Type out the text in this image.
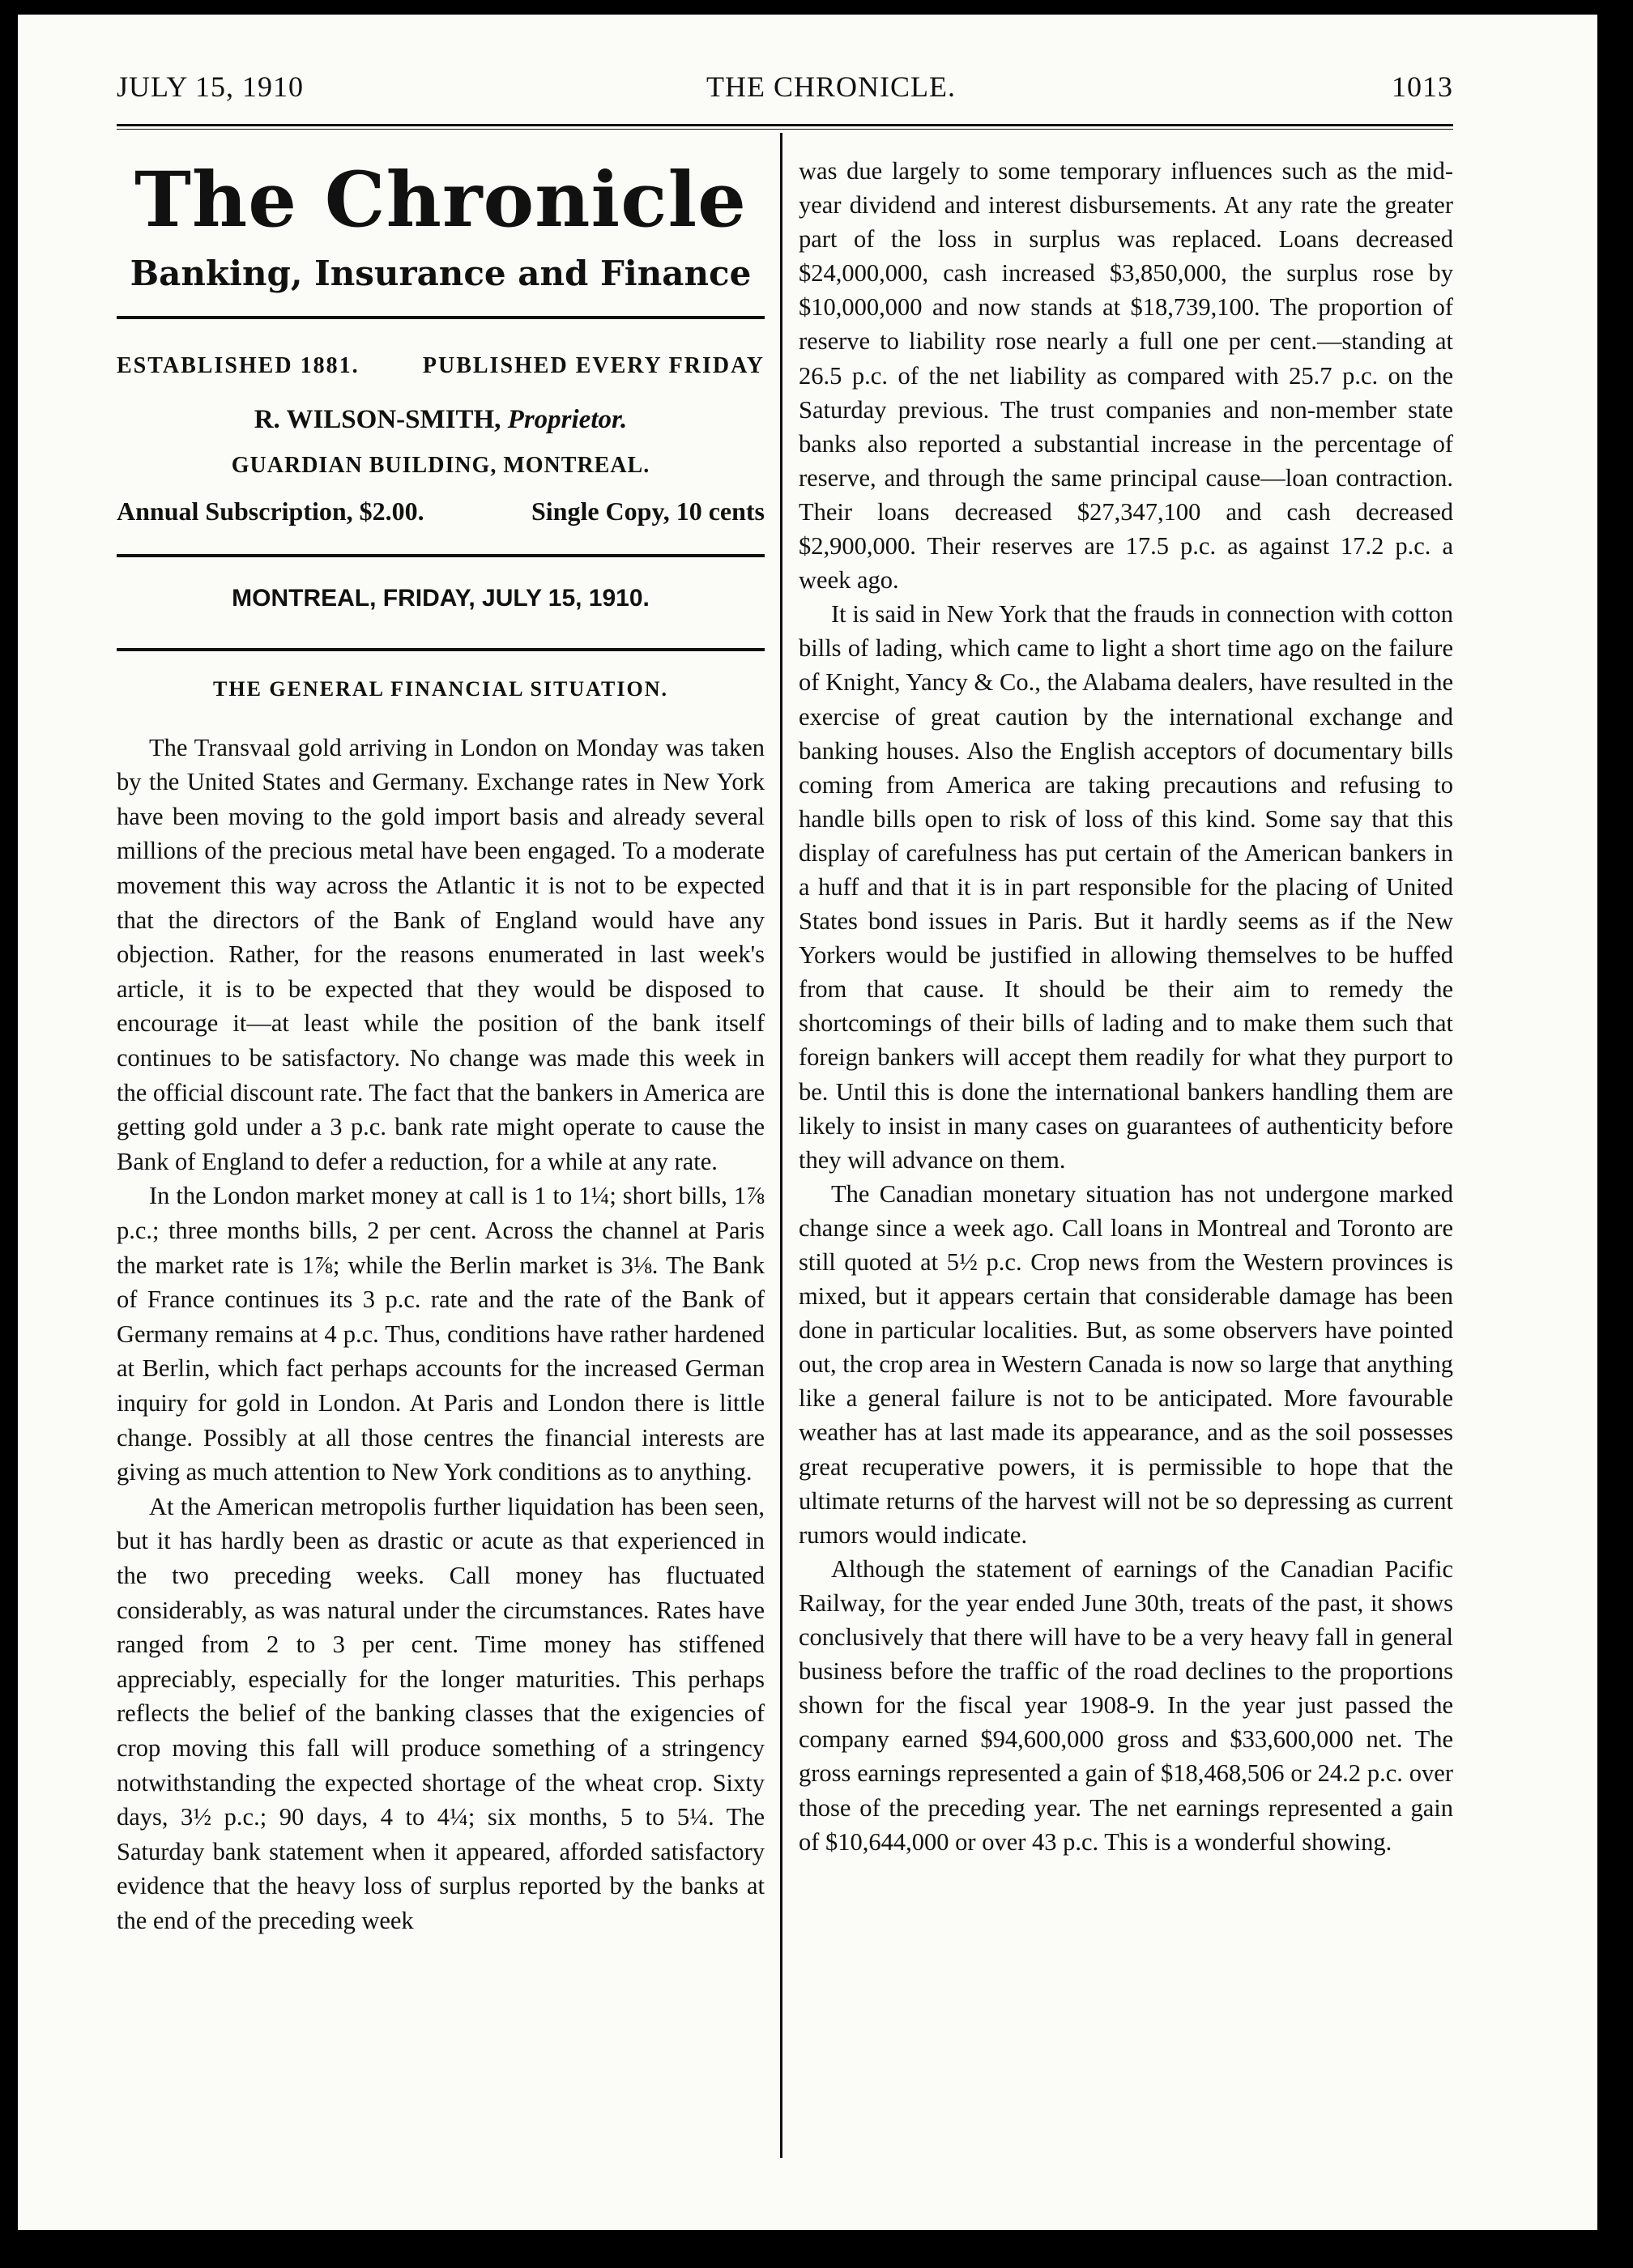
JULY 15, 1910	THE CHRONICLE.	1013
The Chronicle
Banking, Insurance and Finance
ESTABLISHED 1881.	PUBLISHED EVERY FRIDAY
R. WILSON-SMITH, Proprietor.
GUARDIAN BUILDING, MONTREAL.
Annual Subscription, $2.00.	Single Copy, 10 cents
MONTREAL, FRIDAY, JULY 15, 1910.
THE GENERAL FINANCIAL SITUATION.

The Transvaal gold arriving in London on Monday was taken by the United States and Germany. Exchange rates in New York have been moving to the gold import basis and already several millions of the precious metal have been engaged. To a moderate movement this way across the Atlantic it is not to be expected that the directors of the Bank of England would have any objection. Rather, for the reasons enumerated in last week's article, it is to be expected that they would be disposed to encourage it—at least while the position of the bank itself continues to be satisfactory. No change was made this week in the official discount rate. The fact that the bankers in America are getting gold under a 3 p.c. bank rate might operate to cause the Bank of England to defer a reduction, for a while at any rate.

In the London market money at call is 1 to 1¼; short bills, 1⅞ p.c.; three months bills, 2 per cent. Across the channel at Paris the market rate is 1⅞; while the Berlin market is 3⅛. The Bank of France continues its 3 p.c. rate and the rate of the Bank of Germany remains at 4 p.c. Thus, conditions have rather hardened at Berlin, which fact perhaps accounts for the increased German inquiry for gold in London. At Paris and London there is little change. Possibly at all those centres the financial interests are giving as much attention to New York conditions as to anything.

At the American metropolis further liquidation has been seen, but it has hardly been as drastic or acute as that experienced in the two preceding weeks. Call money has fluctuated considerably, as was natural under the circumstances. Rates have ranged from 2 to 3 per cent. Time money has stiffened appreciably, especially for the longer maturities. This perhaps reflects the belief of the banking classes that the exigencies of crop moving this fall will produce something of a stringency notwithstanding the expected shortage of the wheat crop. Sixty days, 3½ p.c.; 90 days, 4 to 4¼; six months, 5 to 5¼. The Saturday bank statement when it appeared, afforded satisfactory evidence that the heavy loss of surplus reported by the banks at the end of the preceding week

was due largely to some temporary influences such as the mid-year dividend and interest disbursements. At any rate the greater part of the loss in surplus was replaced. Loans decreased $24,000,000, cash increased $3,850,000, the surplus rose by $10,000,000 and now stands at $18,739,100. The proportion of reserve to liability rose nearly a full one per cent.—standing at 26.5 p.c. of the net liability as compared with 25.7 p.c. on the Saturday previous. The trust companies and non-member state banks also reported a substantial increase in the percentage of reserve, and through the same principal cause—loan contraction. Their loans decreased $27,347,100 and cash decreased $2,900,000. Their reserves are 17.5 p.c. as against 17.2 p.c. a week ago.

It is said in New York that the frauds in connection with cotton bills of lading, which came to light a short time ago on the failure of Knight, Yancy & Co., the Alabama dealers, have resulted in the exercise of great caution by the international exchange and banking houses. Also the English acceptors of documentary bills coming from America are taking precautions and refusing to handle bills open to risk of loss of this kind. Some say that this display of carefulness has put certain of the American bankers in a huff and that it is in part responsible for the placing of United States bond issues in Paris. But it hardly seems as if the New Yorkers would be justified in allowing themselves to be huffed from that cause. It should be their aim to remedy the shortcomings of their bills of lading and to make them such that foreign bankers will accept them readily for what they purport to be. Until this is done the international bankers handling them are likely to insist in many cases on guarantees of authenticity before they will advance on them.

The Canadian monetary situation has not undergone marked change since a week ago. Call loans in Montreal and Toronto are still quoted at 5½ p.c. Crop news from the Western provinces is mixed, but it appears certain that considerable damage has been done in particular localities. But, as some observers have pointed out, the crop area in Western Canada is now so large that anything like a general failure is not to be anticipated. More favourable weather has at last made its appearance, and as the soil possesses great recuperative powers, it is permissible to hope that the ultimate returns of the harvest will not be so depressing as current rumors would indicate.

Although the statement of earnings of the Canadian Pacific Railway, for the year ended June 30th, treats of the past, it shows conclusively that there will have to be a very heavy fall in general business before the traffic of the road declines to the proportions shown for the fiscal year 1908-9. In the year just passed the company earned $94,600,000 gross and $33,600,000 net. The gross earnings represented a gain of $18,468,506 or 24.2 p.c. over those of the preceding year. The net earnings represented a gain of $10,644,000 or over 43 p.c. This is a wonderful showing.
